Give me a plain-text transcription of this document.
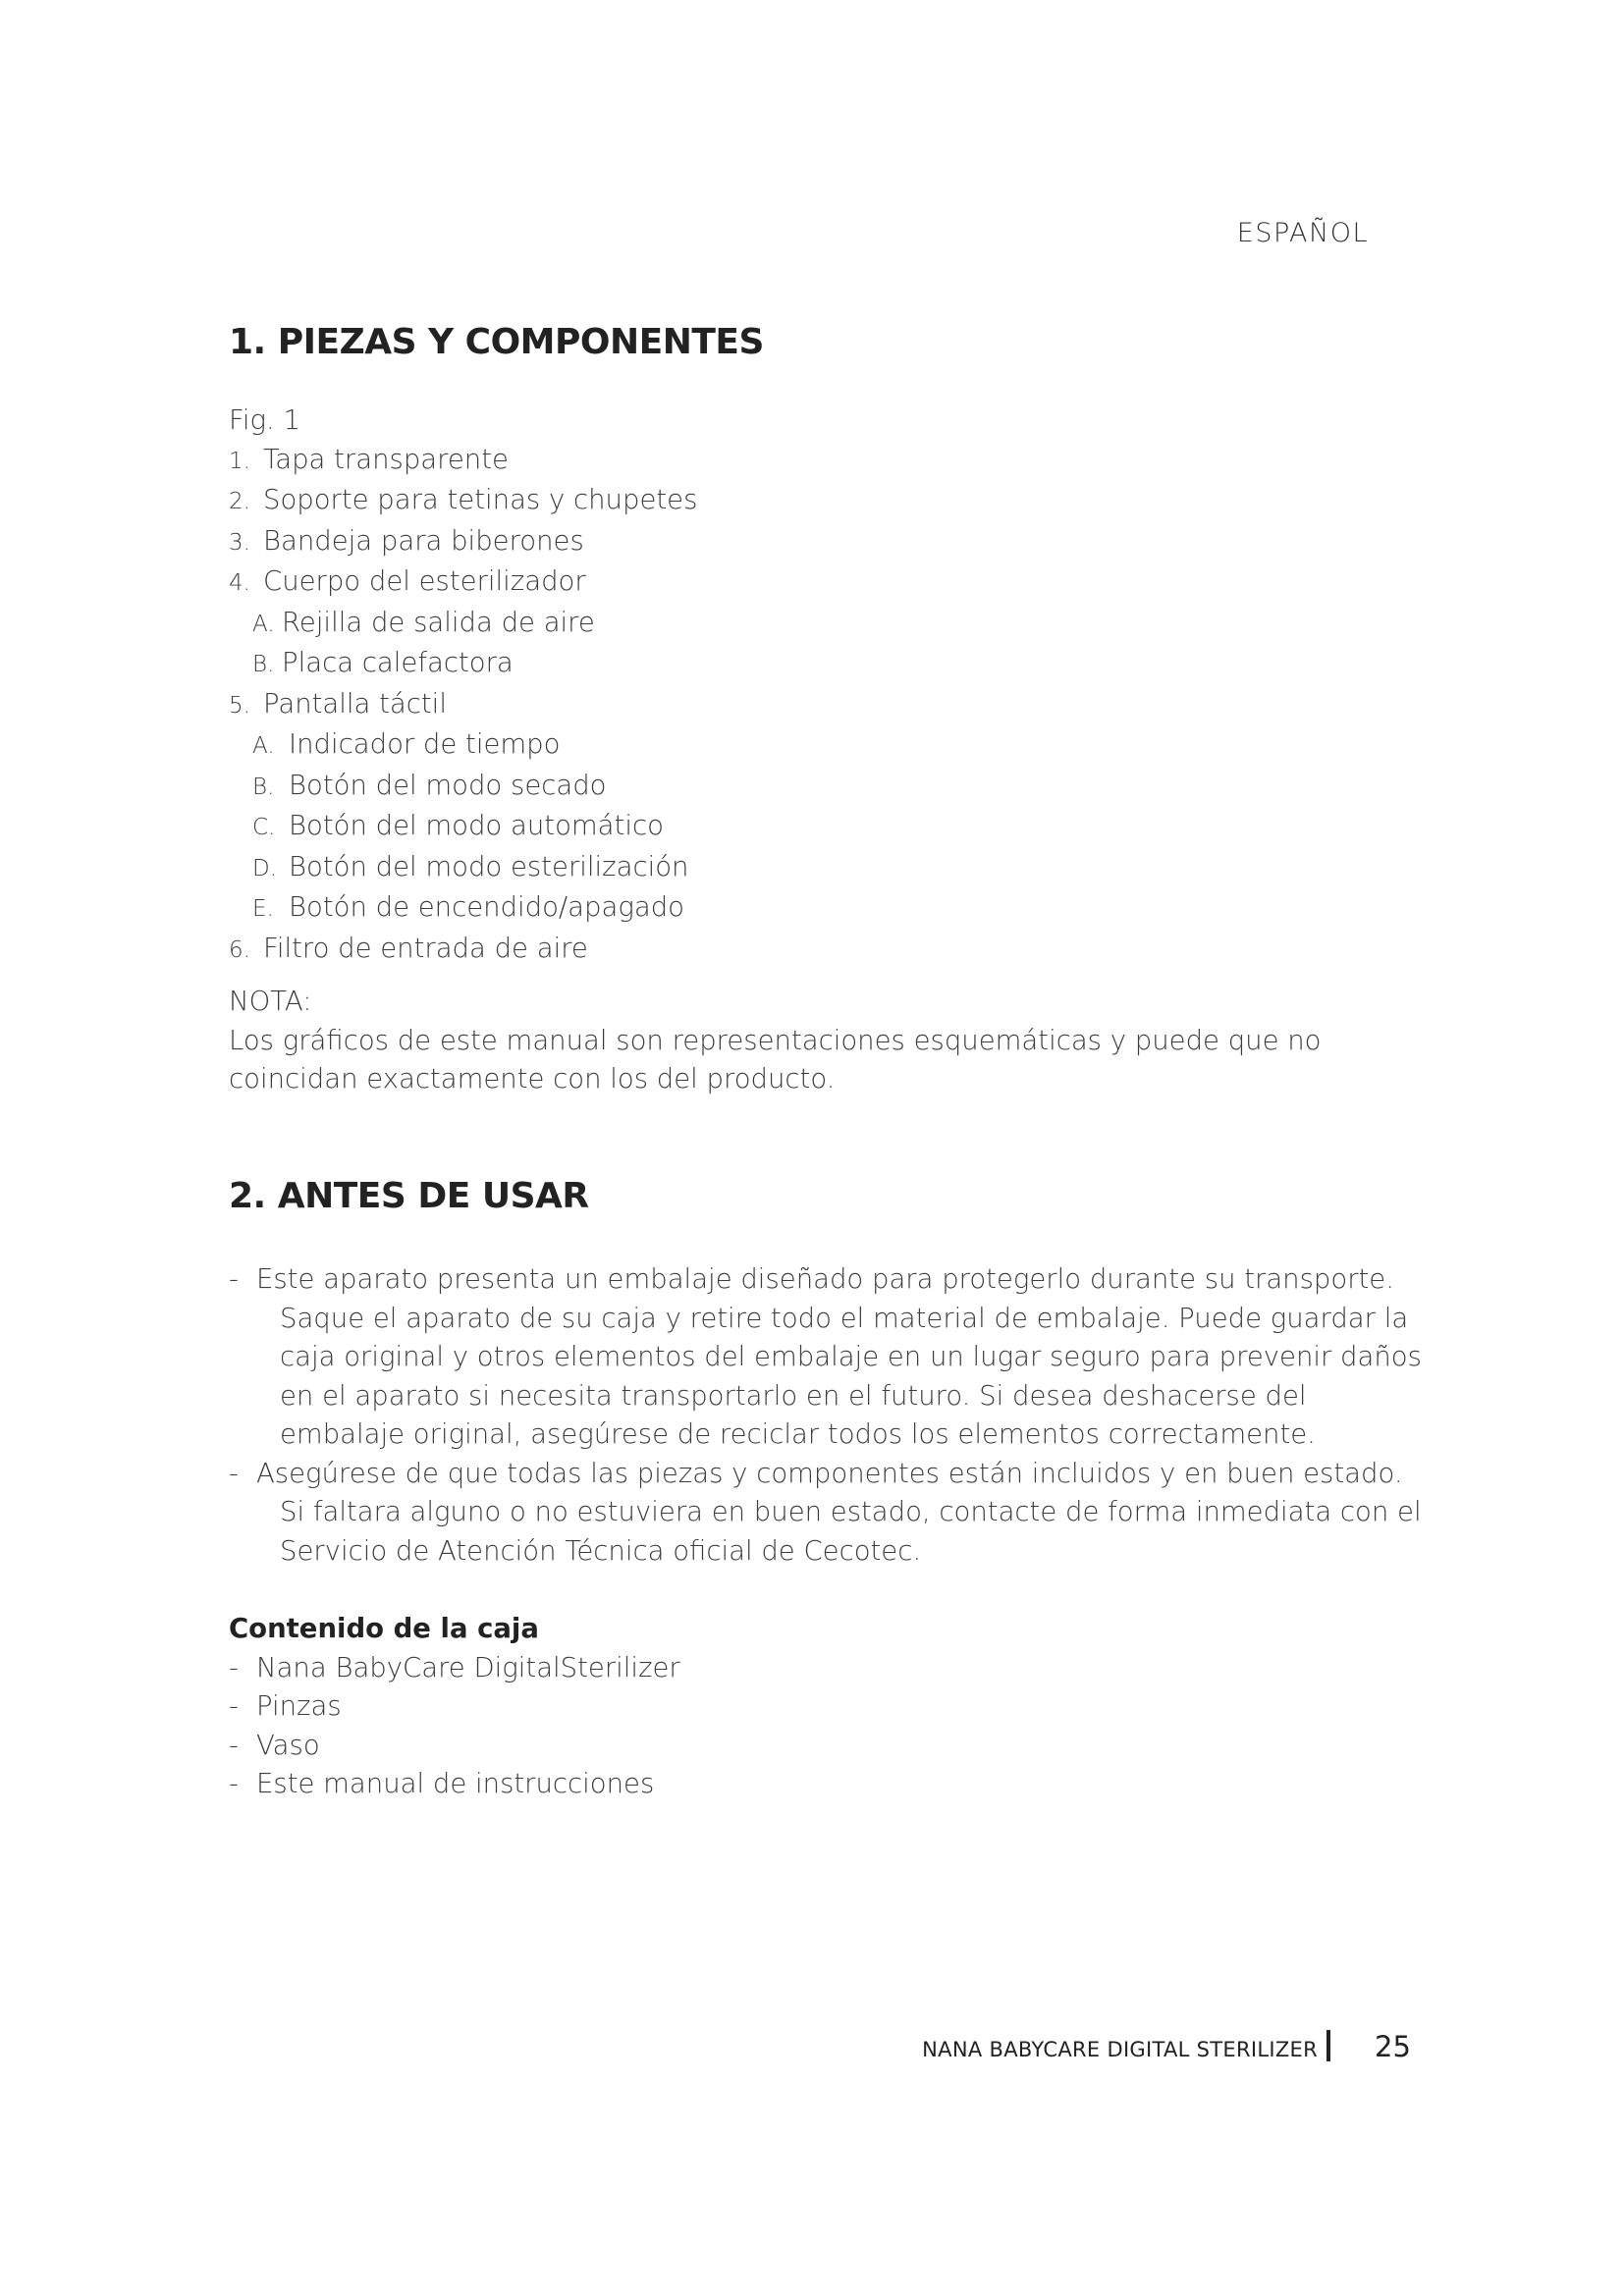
ESPAÑOL
1. PIEZAS Y COMPONENTES
Fig. 1
1. Tapa transparente
2. Soporte para tetinas y chupetes
3. Bandeja para biberones
4. Cuerpo del esterilizador
A. Rejilla de salida de aire
B. Placa calefactora
5. Pantalla táctil
A. Indicador de tiempo
B. Botón del modo secado
C. Botón del modo automático
D. Botón del modo esterilización
E. Botón de encendido/apagado
6. Filtro de entrada de aire
NOTA:
Los gráficos de este manual son representaciones esquemáticas y puede que no coincidan exactamente con los del producto.
2. ANTES DE USAR
- Este aparato presenta un embalaje diseñado para protegerlo durante su transporte. Saque el aparato de su caja y retire todo el material de embalaje. Puede guardar la caja original y otros elementos del embalaje en un lugar seguro para prevenir daños en el aparato si necesita transportarlo en el futuro. Si desea deshacerse del embalaje original, asegúrese de reciclar todos los elementos correctamente.
- Asegúrese de que todas las piezas y componentes están incluidos y en buen estado. Si faltara alguno o no estuviera en buen estado, contacte de forma inmediata con el Servicio de Atención Técnica oficial de Cecotec.
Contenido de la caja
- Nana BabyCare DigitalSterilizer
- Pinzas
- Vaso
- Este manual de instrucciones
NANA BABYCARE DIGITAL STERILIZER 25
